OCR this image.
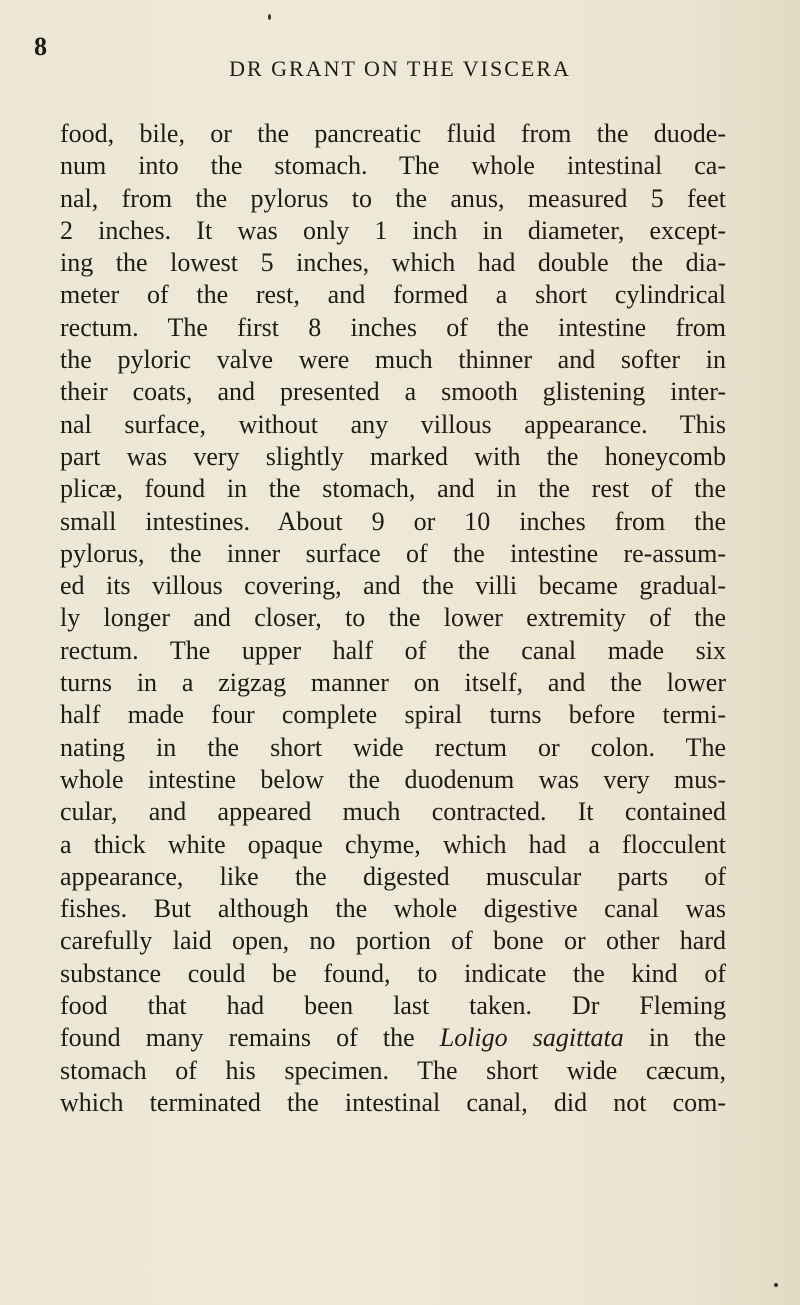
8
DR GRANT ON THE VISCERA
food, bile, or the pancreatic fluid from the duode-
num into the stomach. The whole intestinal ca-
nal, from the pylorus to the anus, measured 5 feet
2 inches. It was only 1 inch in diameter, except-
ing the lowest 5 inches, which had double the dia-
meter of the rest, and formed a short cylindrical
rectum. The first 8 inches of the intestine from
the pyloric valve were much thinner and softer in
their coats, and presented a smooth glistening inter-
nal surface, without any villous appearance. This
part was very slightly marked with the honeycomb
plicæ, found in the stomach, and in the rest of the
small intestines. About 9 or 10 inches from the
pylorus, the inner surface of the intestine re-assum-
ed its villous covering, and the villi became gradual-
ly longer and closer, to the lower extremity of the
rectum. The upper half of the canal made six
turns in a zigzag manner on itself, and the lower
half made four complete spiral turns before termi-
nating in the short wide rectum or colon. The
whole intestine below the duodenum was very mus-
cular, and appeared much contracted. It contained
a thick white opaque chyme, which had a flocculent
appearance, like the digested muscular parts of
fishes. But although the whole digestive canal was
carefully laid open, no portion of bone or other hard
substance could be found, to indicate the kind of
food that had been last taken. Dr Fleming
found many remains of the Loligo sagittata in the
stomach of his specimen. The short wide cæcum,
which terminated the intestinal canal, did not com-
